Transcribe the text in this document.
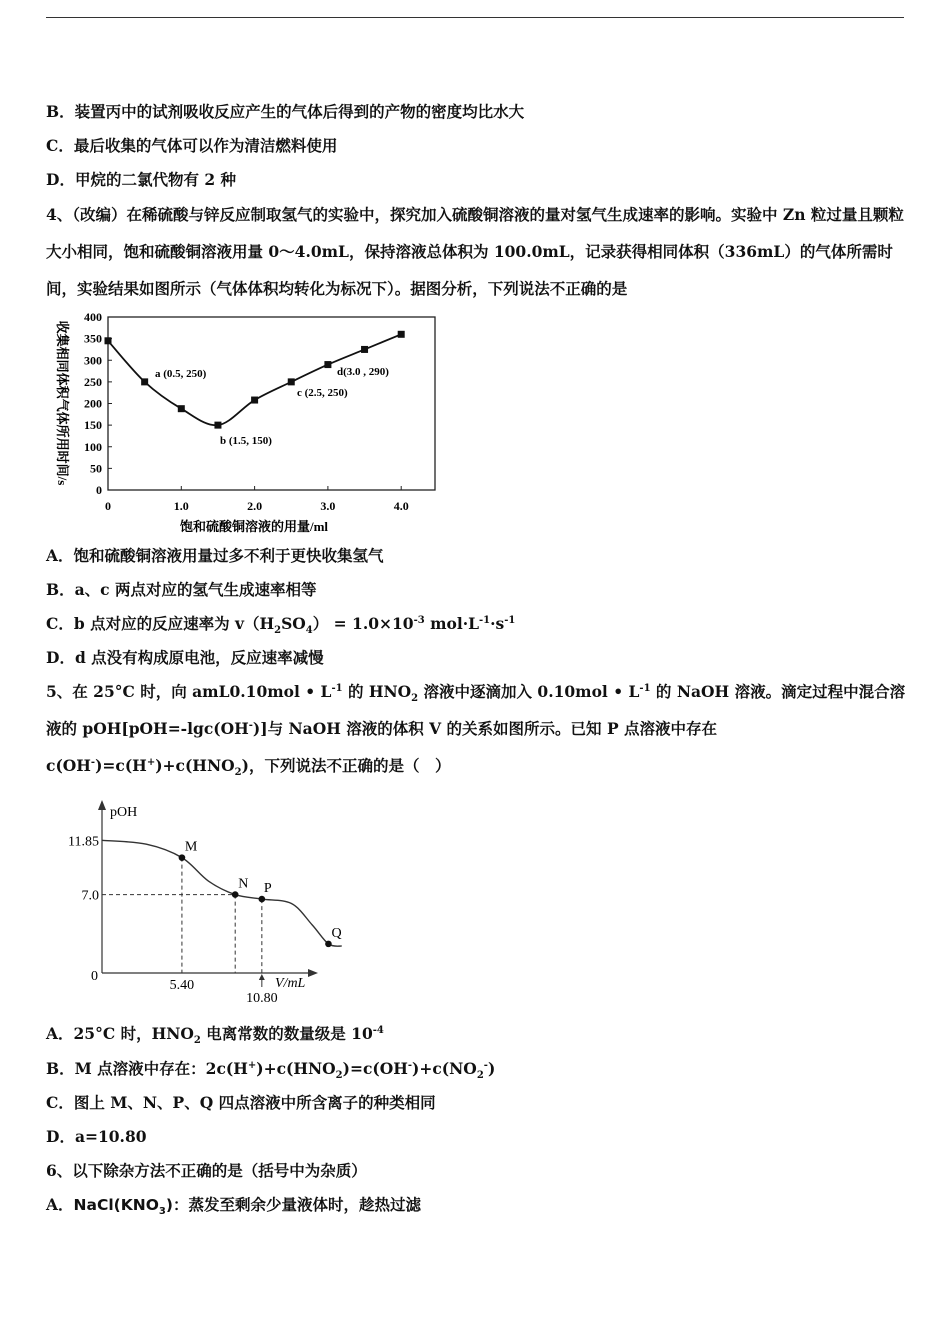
B．装置丙中的试剂吸收反应产生的气体后得到的产物的密度均比水大
C．最后收集的气体可以作为清洁燃料使用
D．甲烷的二氯代物有 2 种
4、（改编）在稀硫酸与锌反应制取氢气的实验中，探究加入硫酸铜溶液的量对氢气生成速率的影响。实验中 Zn 粒过量且颗粒大小相同，饱和硫酸铜溶液用量 0～4.0mL，保持溶液总体积为 100.0mL，记录获得相同体积（336mL）的气体所需时间，实验结果如图所示（气体体积均转化为标况下）。据图分析，下列说法不正确的是
0
50
100
150
200
250
300
350
400
0	1.0	2.0	3.0	4.0
a (0.5, 250)
b (1.5, 150)
c (2.5, 250)
d(3.0 , 290)
收集相同体积气体所用时间/s
饱和硫酸铜溶液的用量/ml
A．饱和硫酸铜溶液用量过多不利于更快收集氢气
B．a、c 两点对应的氢气生成速率相等
C．b 点对应的反应速率为 $v(H_2SO_4) = 1.0\times 10^{-3}$ $mol\cdot L^{-1}\cdot s^{-1}$
D．d 点没有构成原电池，反应速率减慢
5、在 25°C 时，向 amL0.10mol • $L^{-1}$ 的 $HNO_2$ 溶液中逐滴加入 0.10mol • $L^{-1}$ 的 NaOH 溶液。滴定过程中混合溶液的 pOH[pOH=-lgc(OH-)]与 NaOH 溶液的体积 V 的关系如图所示。已知 P 点溶液中存在 $c(OH^-)=c(H^+)+c(HNO_2)$，下列说法不正确的是（　）
pOH
V/mL
0
M
N P
Q
11.85
7.0
5.40
10.80
A．25°C 时，$HNO_2$ 电离常数的数量级是 $10^{-4}$
B．M 点溶液中存在：$2c(H^+)+c(HNO_2)=c(OH^-)+c(NO_2^-)$
C．图上 M、N、P、Q 四点溶液中所含离子的种类相同
D．a=10.80
6、以下除杂方法不正确的是（括号中为杂质）
A．$NaCl(KNO_3)$：蒸发至剩余少量液体时，趁热过滤
